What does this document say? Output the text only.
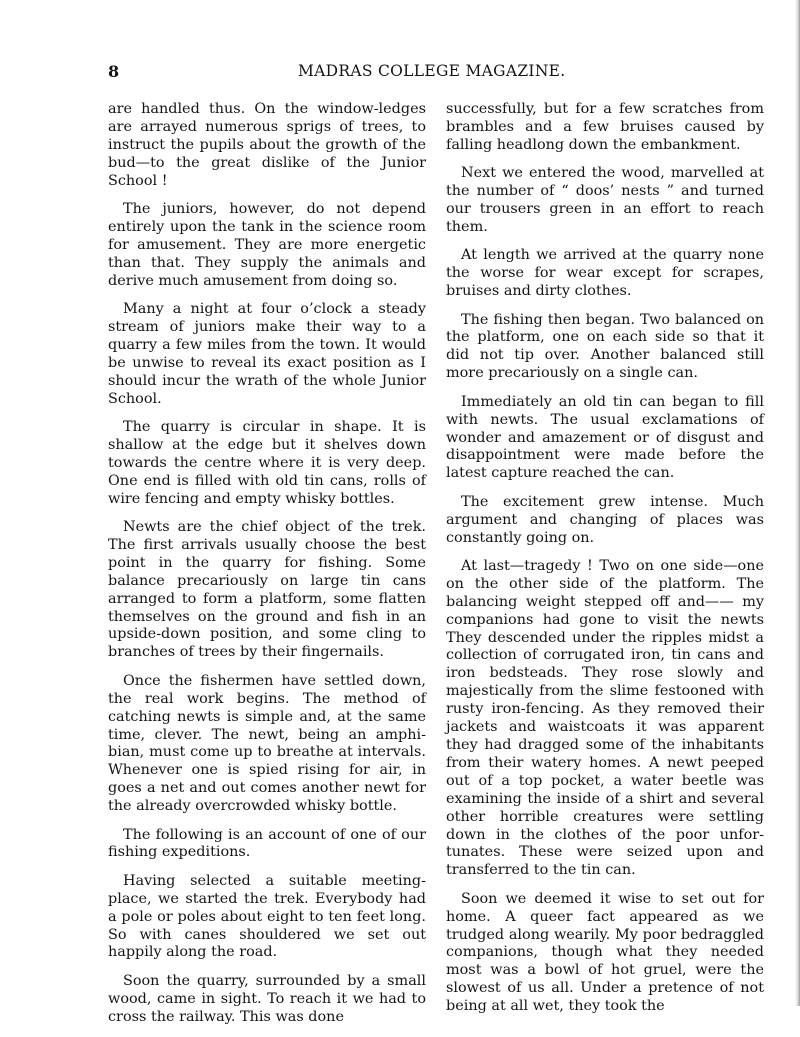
8	MADRAS COLLEGE MAGAZINE.

are handled thus. On the window-ledges are arrayed numerous sprigs of trees, to instruct the pupils about the growth of the bud—to the great dislike of the Junior School !

The juniors, however, do not depend entirely upon the tank in the science room for amusement. They are more energetic than that. They supply the animals and derive much amusement from doing so.

Many a night at four o’clock a steady stream of juniors make their way to a quarry a few miles from the town. It would be unwise to reveal its exact position as I should incur the wrath of the whole Junior School.

The quarry is circular in shape. It is shallow at the edge but it shelves down towards the centre where it is very deep. One end is filled with old tin cans, rolls of wire fencing and empty whisky bottles.

Newts are the chief object of the trek. The first arrivals usually choose the best point in the quarry for fishing. Some balance precariously on large tin cans arranged to form a platform, some flatten themselves on the ground and fish in an upside-down position, and some cling to branches of trees by their fingernails.

Once the fishermen have settled down, the real work begins. The method of catching newts is simple and, at the same time, clever. The newt, being an amphibian, must come up to breathe at intervals. Whenever one is spied rising for air, in goes a net and out comes another newt for the already overcrowded whisky bottle.

The following is an account of one of our fishing expeditions.

Having selected a suitable meeting-place, we started the trek. Everybody had a pole or poles about eight to ten feet long. So with canes shouldered we set out happily along the road.

Soon the quarry, surrounded by a small wood, came in sight. To reach it we had to cross the railway. This was done

successfully, but for a few scratches from brambles and a few bruises caused by falling headlong down the embankment.

Next we entered the wood, marvelled at the number of “ doos’ nests ” and turned our trousers green in an effort to reach them.

At length we arrived at the quarry none the worse for wear except for scrapes, bruises and dirty clothes.

The fishing then began. Two balanced on the platform, one on each side so that it did not tip over. Another balanced still more precariously on a single can.

Immediately an old tin can began to fill with newts. The usual exclamations of wonder and amazement or of disgust and disappointment were made before the latest capture reached the can.

The excitement grew intense. Much argument and changing of places was constantly going on.

At last—tragedy ! Two on one side—one on the other side of the platform. The balancing weight stepped off and—— my companions had gone to visit the newts They descended under the ripples midst a collection of corrugated iron, tin cans and iron bedsteads. They rose slowly and majestically from the slime festooned with rusty iron-fencing. As they removed their jackets and waistcoats it was apparent they had dragged some of the inhabitants from their watery homes. A newt peeped out of a top pocket, a water beetle was examining the inside of a shirt and several other horrible creatures were settling down in the clothes of the poor unfortunates. These were seized upon and transferred to the tin can.

Soon we deemed it wise to set out for home. A queer fact appeared as we trudged along wearily. My poor bedraggled companions, though what they needed most was a bowl of hot gruel, were the slowest of us all. Under a pretence of not being at all wet, they took the
